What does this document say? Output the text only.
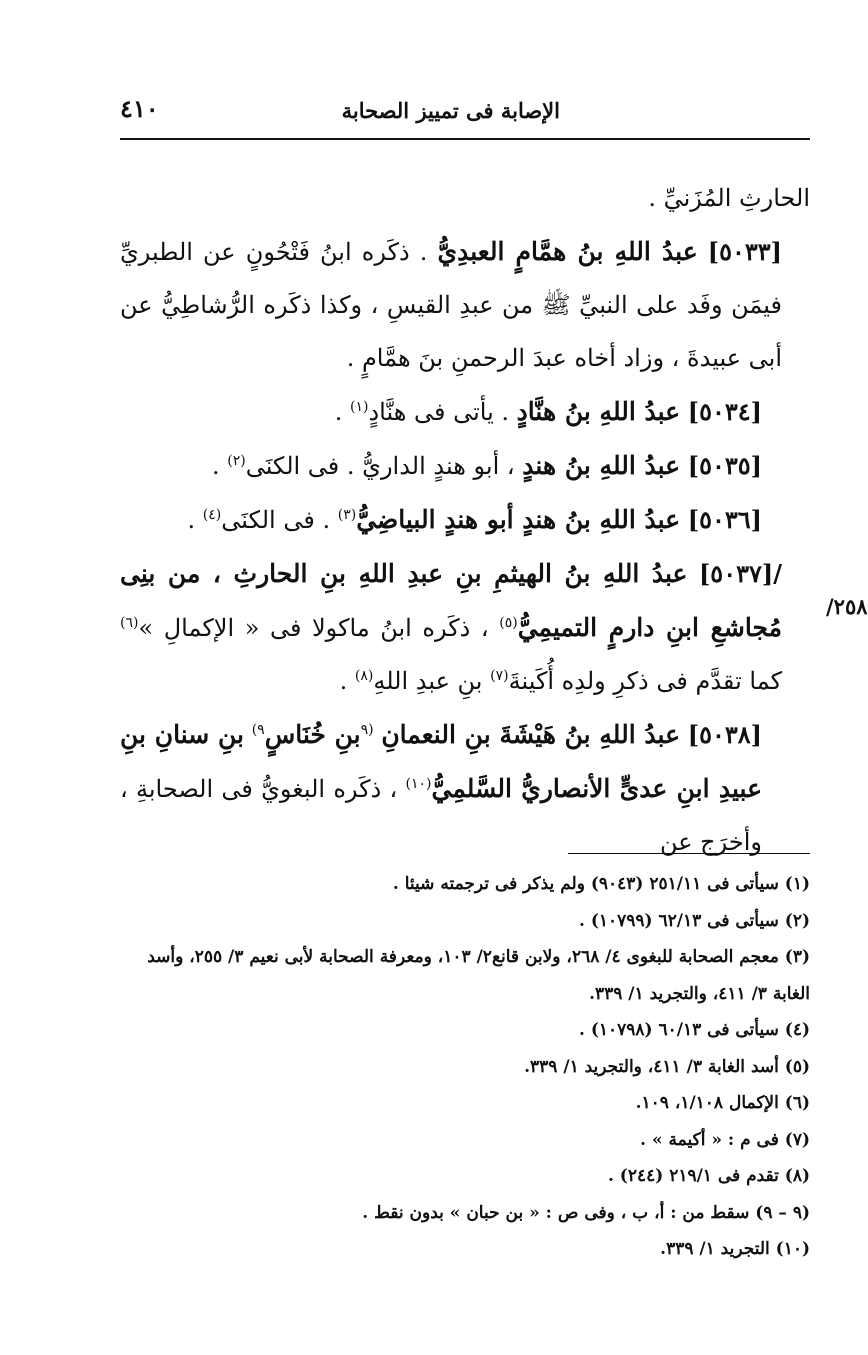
الإصابة فى تمييز الصحابة
٤١٠
٢٥٨/

الحارثِ المُزَنيِّ .

[٥٠٣٣] عبدُ اللهِ بنُ همَّامٍ العبدِيُّ . ذكَره ابنُ فَتْحُونٍ عن الطبريِّ فيمَن وفَد على النبيِّ ﷺ من عبدِ القيسِ ، وكذا ذكَره الرُّشاطِيُّ عن أبى عبيدةَ ، وزاد أخاه عبدَ الرحمنِ بنَ همَّامٍ .

[٥٠٣٤] عبدُ اللهِ بنُ هنَّادٍ . يأتى فى هنَّادٍ$^{(١)}$ .

[٥٠٣٥] عبدُ اللهِ بنُ هندٍ ، أبو هندٍ الداريُّ . فى الكنَى$^{(٢)}$ .

[٥٠٣٦] عبدُ اللهِ بنُ هندٍ أبو هندٍ البياضِيُّ$^{(٣)}$ . فى الكنَى$^{(٤)}$ .

/[٥٠٣٧] عبدُ اللهِ بنُ الهيثمِ بنِ عبدِ اللهِ بنِ الحارثِ ، من بنِى مُجاشعِ ابنِ دارمٍ التميمِيُّ$^{(٥)}$ ، ذكَره ابنُ ماكولا فى « الإكمالِ »$^{(٦)}$ كما تقدَّم فى ذكرِ ولدِه أُكَينةَ$^{(٧)}$ بنِ عبدِ اللهِ$^{(٨)}$ .

[٥٠٣٨] عبدُ اللهِ بنُ هَيْشَةَ بنِ النعمانِ $^{(٩}$بنِ خُنَاسٍ$^{٩)}$ بنِ سنانِ بنِ عبيدِ ابنِ عدىٍّ الأنصاريُّ السَّلمِيُّ$^{(١٠)}$ ، ذكَره البغويُّ فى الصحابةِ ، وأخرَج عن

(١) سيأتى فى ٢٥١/١١ (٩٠٤٣) ولم يذكر فى ترجمته شيئا .

(٢) سيأتى فى ٦٢/١٣ (١٠٧٩٩) .

(٣) معجم الصحابة للبغوى ٤/ ٢٦٨، ولابن قانع٢/ ١٠٣، ومعرفة الصحابة لأبى نعيم ٣/ ٢٥٥، وأسد الغابة ٣/ ٤١١، والتجريد ١/ ٣٣٩.

(٤) سيأتى فى ٦٠/١٣ (١٠٧٩٨) .

(٥) أسد الغابة ٣/ ٤١١، والتجريد ١/ ٣٣٩.

(٦) الإكمال ١/١٠٨، ١٠٩.

(٧) فى م : « أكيمة » .

(٨) تقدم فى ٢١٩/١ (٢٤٤) .

(٩ – ٩) سقط من : أ، ب ، وفى ص : « بن حبان » بدون نقط .

(١٠) التجريد ١/ ٣٣٩.
